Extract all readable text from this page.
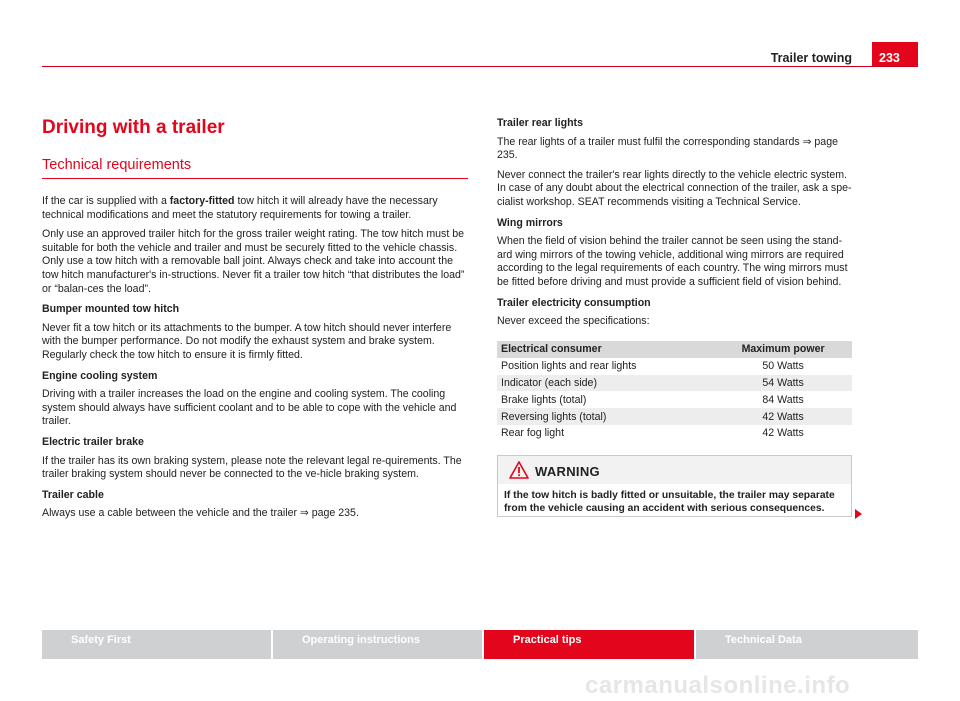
Trailer towing	233
Driving with a trailer
Technical requirements

If the car is supplied with a factory-fitted tow hitch it will already have the necessary technical modifications and meet the statutory requirements for towing a trailer.

Only use an approved trailer hitch for the gross trailer weight rating. The tow hitch must be suitable for both the vehicle and trailer and must be securely fitted to the vehicle chassis. Only use a tow hitch with a removable ball joint. Always check and take into account the tow hitch manufacturer's in-structions. Never fit a trailer tow hitch “that distributes the load” or “balan-ces the load”.

Bumper mounted tow hitch

Never fit a tow hitch or its attachments to the bumper. A tow hitch should never interfere with the bumper performance. Do not modify the exhaust system and brake system. Regularly check the tow hitch to ensure it is firmly fitted.

Engine cooling system

Driving with a trailer increases the load on the engine and cooling system. The cooling system should always have sufficient coolant and to be able to cope with the vehicle and trailer.

Electric trailer brake

If the trailer has its own braking system, please note the relevant legal re-quirements. The trailer braking system should never be connected to the ve-hicle braking system.

Trailer cable

Always use a cable between the vehicle and the trailer ⇒ page 235.

Trailer rear lights

The rear lights of a trailer must fulfil the corresponding standards ⇒ page 235.

Never connect the trailer's rear lights directly to the vehicle electric system. In case of any doubt about the electrical connection of the trailer, ask a spe-cialist workshop. SEAT recommends visiting a Technical Service.

Wing mirrors

When the field of vision behind the trailer cannot be seen using the stand-ard wing mirrors of the towing vehicle, additional wing mirrors are required according to the legal requirements of each country. The wing mirrors must be fitted before driving and must provide a sufficient field of vision behind.

Trailer electricity consumption

Never exceed the specifications:

Electrical consumer	Maximum power
Position lights and rear lights	50 Watts
Indicator (each side)	54 Watts
Brake lights (total)	84 Watts
Reversing lights (total)	42 Watts
Rear fog light	42 Watts
WARNING
If the tow hitch is badly fitted or unsuitable, the trailer may separate from the vehicle causing an accident with serious consequences.
Safety First	Operating instructions	Practical tips	Technical Data
carmanualsonline.info
